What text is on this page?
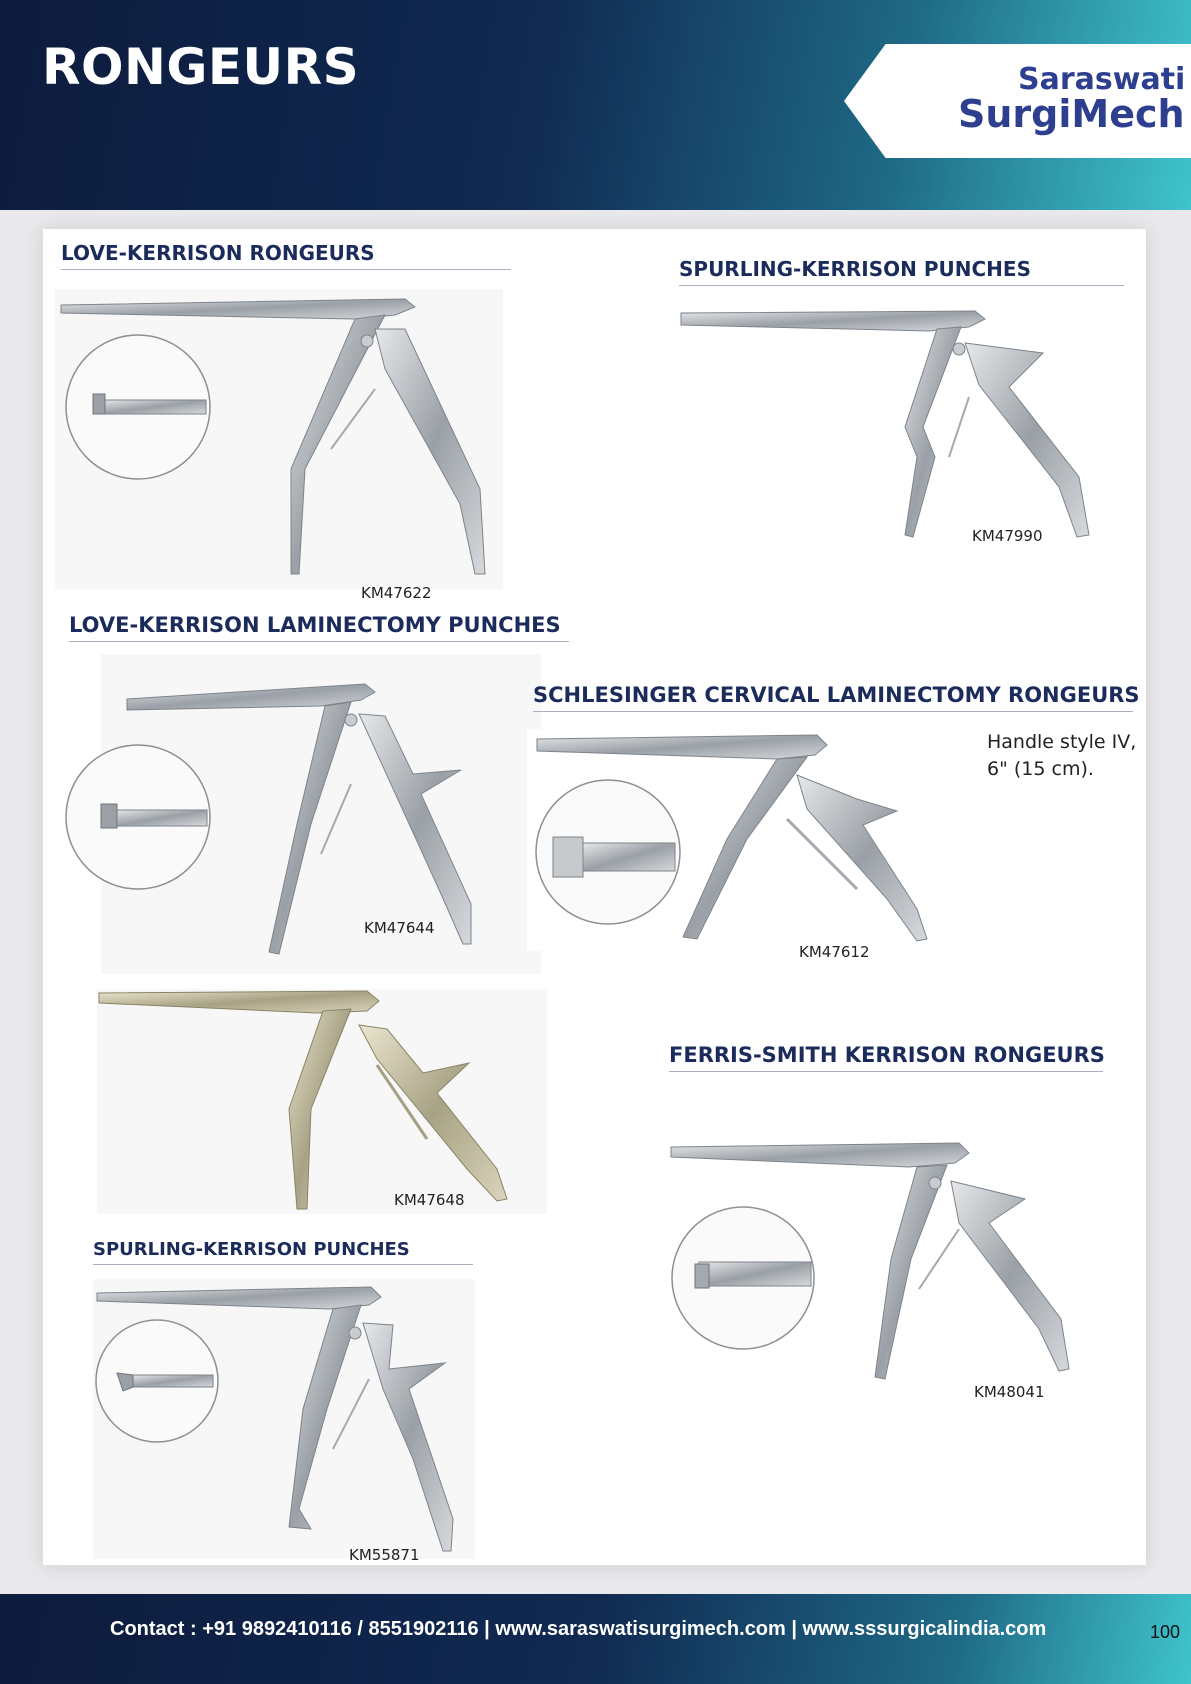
RONGEURS	Saraswati
SurgiMech
LOVE-KERRISON RONGEURS
KM47622
SPURLING-KERRISON PUNCHES
KM47990
LOVE-KERRISON LAMINECTOMY PUNCHES
KM47644
SCHLESINGER CERVICAL LAMINECTOMY RONGEURS
Handle style IV,
6" (15 cm).
KM47612
KM47648
FERRIS-SMITH KERRISON RONGEURS
KM48041
SPURLING-KERRISON PUNCHES
KM55871
Contact : +91 9892410116 / 8551902116 | www.saraswatisurgimech.com | www.sssurgicalindia.com	100
